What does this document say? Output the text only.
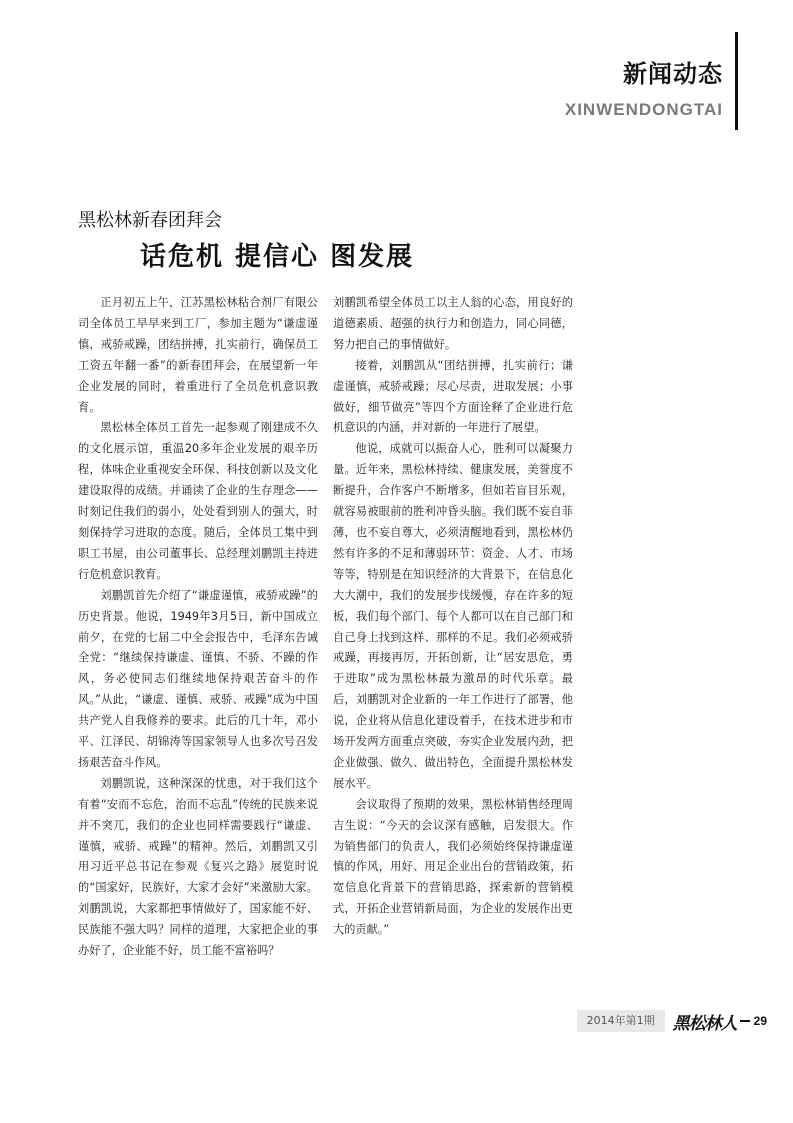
新闻动态
XINWENDONGTAI
黑松林新春团拜会
话危机 提信心 图发展

正月初五上午，江苏黑松林粘合剂厂有限公司全体员工早早来到工厂，参加主题为“谦虚谨慎，戒骄戒躁，团结拼搏，扎实前行，确保员工工资五年翻一番”的新春团拜会，在展望新一年企业发展的同时，着重进行了全员危机意识教育。

黑松林全体员工首先一起参观了刚建成不久的文化展示馆，重温20多年企业发展的艰辛历程，体味企业重视安全环保、科技创新以及文化建设取得的成绩。并诵读了企业的生存理念——时刻记住我们的弱小，处处看到别人的强大，时刻保持学习进取的态度。随后，全体员工集中到职工书屋，由公司董事长、总经理刘鹏凯主持进行危机意识教育。

刘鹏凯首先介绍了“谦虚谨慎，戒骄戒躁”的历史背景。他说，1949年3月5日，新中国成立前夕，在党的七届二中全会报告中，毛泽东告诫全党：“继续保持谦虚、谨慎、不骄、不躁的作风，务必使同志们继续地保持艰苦奋斗的作风。”从此，“谦虚、谨慎、戒骄、戒躁”成为中国共产党人自我修养的要求。此后的几十年，邓小平、江泽民、胡锦涛等国家领导人也多次号召发扬艰苦奋斗作风。

刘鹏凯说，这种深深的忧患，对于我们这个有着“安而不忘危，治而不忘乱”传统的民族来说并不突兀，我们的企业也同样需要践行“谦虚、谨慎，戒骄、戒躁”的精神。然后，刘鹏凯又引用习近平总书记在参观《复兴之路》展览时说的“国家好，民族好，大家才会好”来激励大家。刘鹏凯说，大家都把事情做好了，国家能不好、民族能不强大吗？同样的道理，大家把企业的事办好了，企业能不好，员工能不富裕吗？

刘鹏凯希望全体员工以主人翁的心态，用良好的道德素质、超强的执行力和创造力，同心同德，努力把自己的事情做好。

接着，刘鹏凯从“团结拼搏，扎实前行；谦虚谨慎，戒骄戒躁；尽心尽责，进取发展；小事做好，细节做亮”等四个方面诠释了企业进行危机意识的内涵，并对新的一年进行了展望。

他说，成就可以振奋人心，胜利可以凝聚力量。近年来，黑松林持续、健康发展，美誉度不断提升，合作客户不断增多，但如若盲目乐观，就容易被眼前的胜利冲昏头脑。我们既不妄自菲薄，也不妄自尊大，必须清醒地看到，黑松林仍然有许多的不足和薄弱环节：资金、人才、市场等等，特别是在知识经济的大背景下，在信息化大大潮中，我们的发展步伐缓慢，存在许多的短板，我们每个部门、每个人都可以在自己部门和自己身上找到这样、那样的不足。我们必须戒骄戒躁，再接再厉，开拓创新，让“居安思危，勇于进取”成为黑松林最为激昂的时代乐章。最后，刘鹏凯对企业新的一年工作进行了部署，他说，企业将从信息化建设着手，在技术进步和市场开发两方面重点突破，夯实企业发展内劲，把企业做强、做久、做出特色，全面提升黑松林发展水平。

会议取得了预期的效果，黑松林销售经理周吉生说：“今天的会议深有感触，启发很大。作为销售部门的负责人，我们必须始终保持谦虚谨慎的作风，用好、用足企业出台的营销政策，拓宽信息化背景下的营销思路，探索新的营销模式，开拓企业营销新局面，为企业的发展作出更大的贡献。”

2014年第1期	黑松林人 29
